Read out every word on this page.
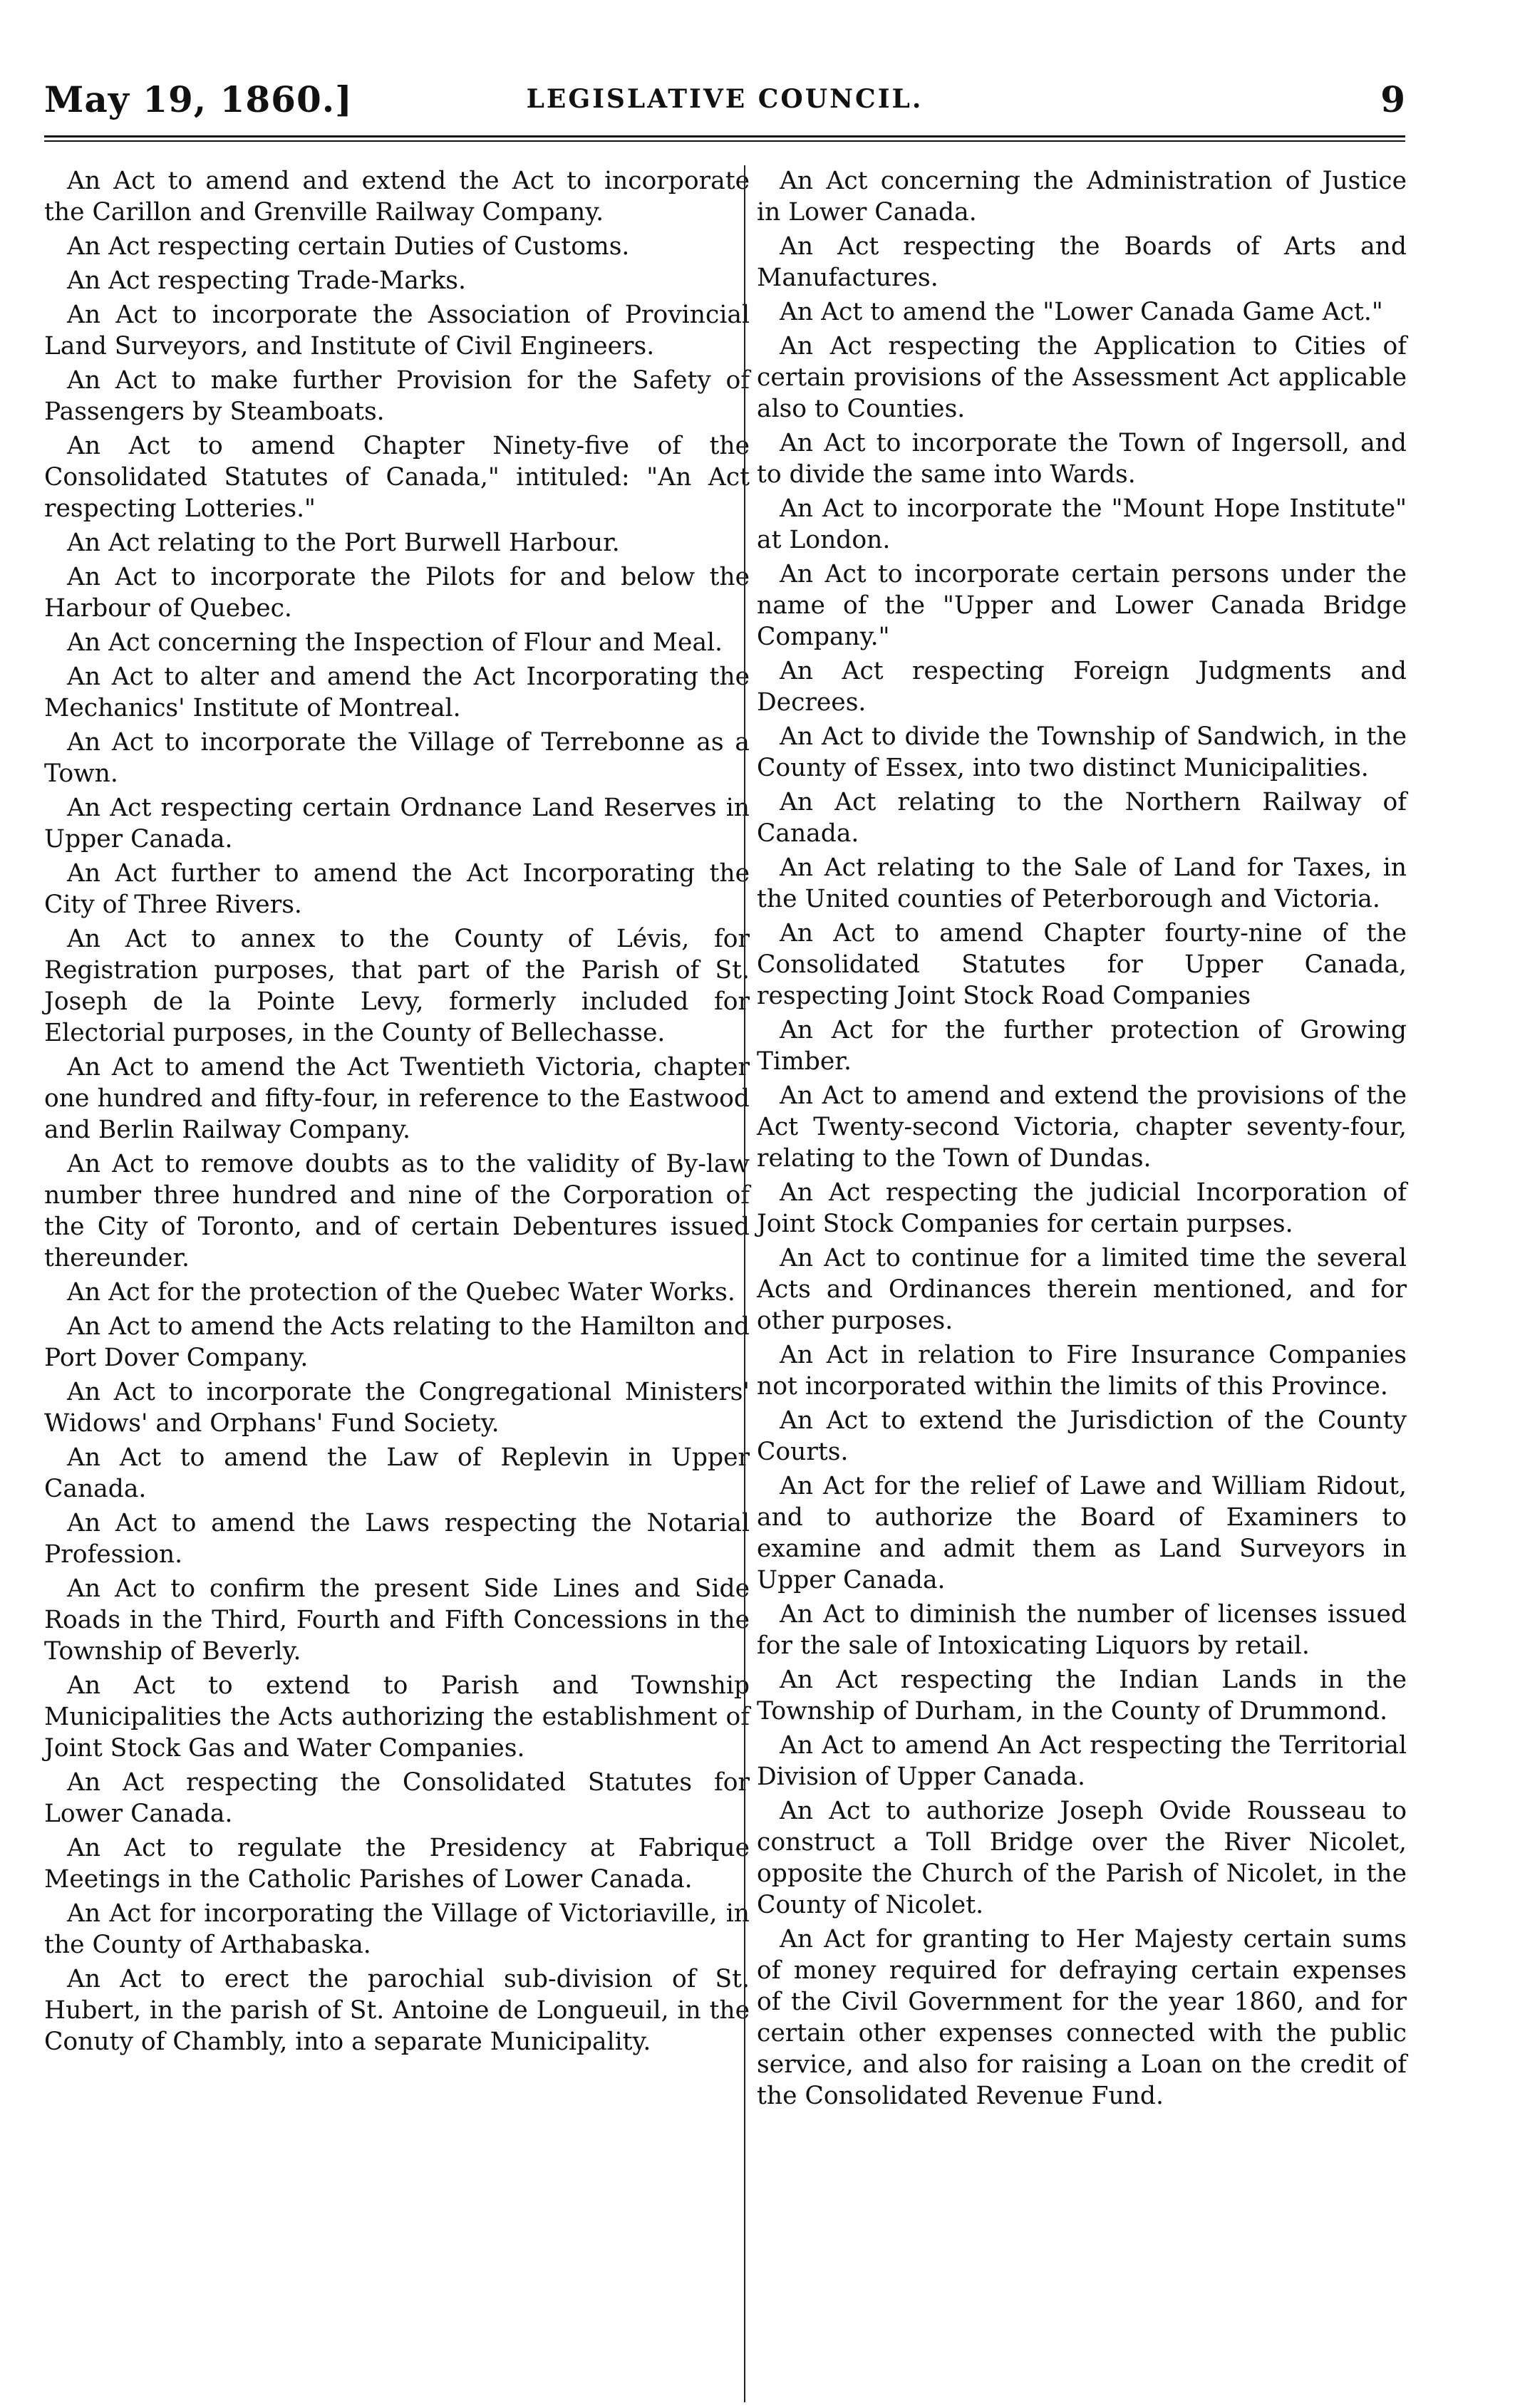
May 19, 1860.]	LEGISLATIVE COUNCIL.	9

An Act to amend and extend the Act to incorporate the Carillon and Grenville Railway Company.

An Act respecting certain Duties of Customs.

An Act respecting Trade-Marks.

An Act to incorporate the Association of Provincial Land Surveyors, and Institute of Civil Engineers.

An Act to make further Provision for the Safety of Passengers by Steamboats.

An Act to amend Chapter Ninety-five of the Consolidated Statutes of Canada," intituled: "An Act respecting Lotteries."

An Act relating to the Port Burwell Harbour.

An Act to incorporate the Pilots for and below the Harbour of Quebec.

An Act concerning the Inspection of Flour and Meal.

An Act to alter and amend the Act Incorporating the Mechanics' Institute of Montreal.

An Act to incorporate the Village of Terrebonne as a Town.

An Act respecting certain Ordnance Land Reserves in Upper Canada.

An Act further to amend the Act Incorporating the City of Three Rivers.

An Act to annex to the County of Lévis, for Registration purposes, that part of the Parish of St. Joseph de la Pointe Levy, formerly included for Electorial purposes, in the County of Bellechasse.

An Act to amend the Act Twentieth Victoria, chapter one hundred and fifty-four, in reference to the Eastwood and Berlin Railway Company.

An Act to remove doubts as to the validity of By-law number three hundred and nine of the Corporation of the City of Toronto, and of certain Debentures issued thereunder.

An Act for the protection of the Quebec Water Works.

An Act to amend the Acts relating to the Hamilton and Port Dover Company.

An Act to incorporate the Congregational Ministers' Widows' and Orphans' Fund Society.

An Act to amend the Law of Replevin in Upper Canada.

An Act to amend the Laws respecting the Notarial Profession.

An Act to confirm the present Side Lines and Side Roads in the Third, Fourth and Fifth Concessions in the Township of Beverly.

An Act to extend to Parish and Township Municipalities the Acts authorizing the establishment of Joint Stock Gas and Water Companies.

An Act respecting the Consolidated Statutes for Lower Canada.

An Act to regulate the Presidency at Fabrique Meetings in the Catholic Parishes of Lower Canada.

An Act for incorporating the Village of Victoriaville, in the County of Arthabaska.

An Act to erect the parochial sub-division of St. Hubert, in the parish of St. Antoine de Longueuil, in the Conuty of Chambly, into a separate Municipality.

An Act concerning the Administration of Justice in Lower Canada.

An Act respecting the Boards of Arts and Manufactures.

An Act to amend the "Lower Canada Game Act."

An Act respecting the Application to Cities of certain provisions of the Assessment Act applicable also to Counties.

An Act to incorporate the Town of Ingersoll, and to divide the same into Wards.

An Act to incorporate the "Mount Hope Institute" at London.

An Act to incorporate certain persons under the name of the "Upper and Lower Canada Bridge Company."

An Act respecting Foreign Judgments and Decrees.

An Act to divide the Township of Sandwich, in the County of Essex, into two distinct Municipalities.

An Act relating to the Northern Railway of Canada.

An Act relating to the Sale of Land for Taxes, in the United counties of Peterborough and Victoria.

An Act to amend Chapter fourty-nine of the Consolidated Statutes for Upper Canada, respecting Joint Stock Road Companies

An Act for the further protection of Growing Timber.

An Act to amend and extend the provisions of the Act Twenty-second Victoria, chapter seventy-four, relating to the Town of Dundas.

An Act respecting the judicial Incorporation of Joint Stock Companies for certain purpses.

An Act to continue for a limited time the several Acts and Ordinances therein mentioned, and for other purposes.

An Act in relation to Fire Insurance Companies not incorporated within the limits of this Province.

An Act to extend the Jurisdiction of the County Courts.

An Act for the relief of Lawe and William Ridout, and to authorize the Board of Examiners to examine and admit them as Land Surveyors in Upper Canada.

An Act to diminish the number of licenses issued for the sale of Intoxicating Liquors by retail.

An Act respecting the Indian Lands in the Township of Durham, in the County of Drummond.

An Act to amend An Act respecting the Territorial Division of Upper Canada.

An Act to authorize Joseph Ovide Rousseau to construct a Toll Bridge over the River Nicolet, opposite the Church of the Parish of Nicolet, in the County of Nicolet.

An Act for granting to Her Majesty certain sums of money required for defraying certain expenses of the Civil Government for the year 1860, and for certain other expenses connected with the public service, and also for raising a Loan on the credit of the Consolidated Revenue Fund.
